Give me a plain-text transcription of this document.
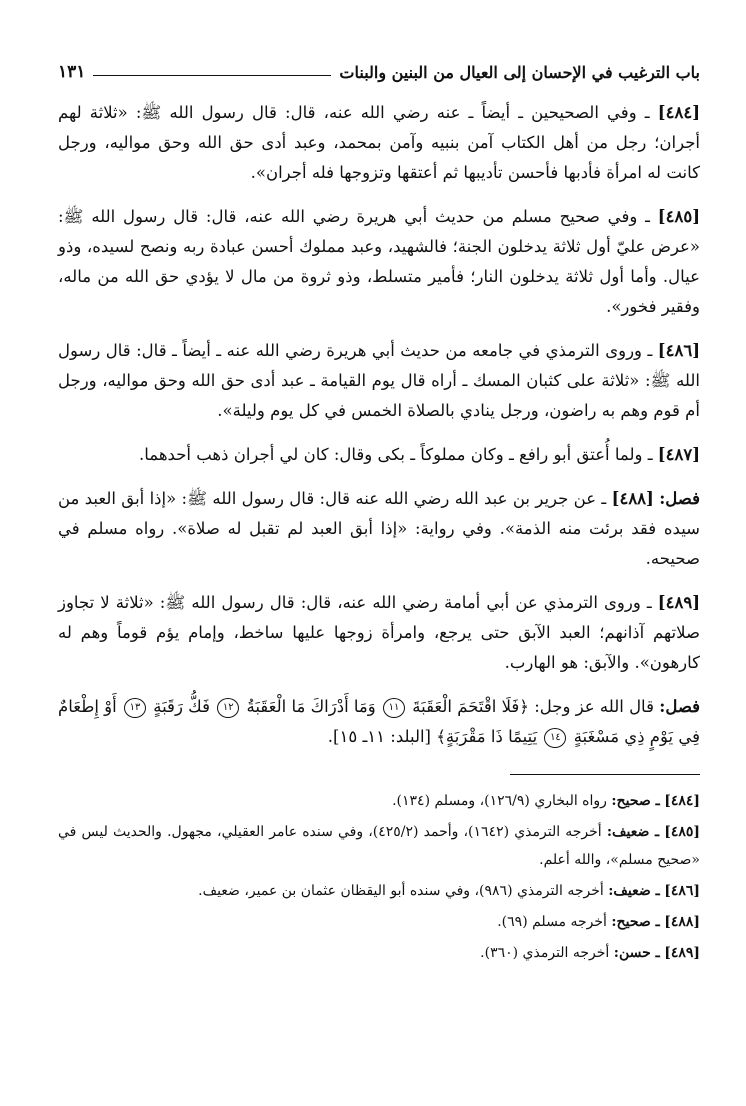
باب الترغيب في الإحسان إلى العيال من البنين والبنات
١٣١

[٤٨٤] ـ وفي الصحيحين ـ أيضاً ـ عنه رضي الله عنه، قال: قال رسول الله ﷺ: «ثلاثة لهم أجران؛ رجل من أهل الكتاب آمن بنبيه وآمن بمحمد، وعبد أدى حق الله وحق مواليه، ورجل كانت له امرأة فأدبها فأحسن تأديبها ثم أعتقها وتزوجها فله أجران».

[٤٨٥] ـ وفي صحيح مسلم من حديث أبي هريرة رضي الله عنه، قال: قال رسول الله ﷺ: «عرض عليّ أول ثلاثة يدخلون الجنة؛ فالشهيد، وعبد مملوك أحسن عبادة ربه ونصح لسيده، وذو عيال. وأما أول ثلاثة يدخلون النار؛ فأمير متسلط، وذو ثروة من مال لا يؤدي حق الله من ماله، وفقير فخور».

[٤٨٦] ـ وروى الترمذي في جامعه من حديث أبي هريرة رضي الله عنه ـ أيضاً ـ قال: قال رسول الله ﷺ: «ثلاثة على كثبان المسك ـ أراه قال يوم القيامة ـ عبد أدى حق الله وحق مواليه، ورجل أم قوم وهم به راضون، ورجل ينادي بالصلاة الخمس في كل يوم وليلة».

[٤٨٧] ـ ولما أُعتق أبو رافع ـ وكان مملوكاً ـ بكى وقال: كان لي أجران ذهب أحدهما.

فصل: [٤٨٨] ـ عن جرير بن عبد الله رضي الله عنه قال: قال رسول الله ﷺ: «إذا أبق العبد من سيده فقد برئت منه الذمة». وفي رواية: «إذا أبق العبد لم تقبل له صلاة». رواه مسلم في صحيحه.

[٤٨٩] ـ وروى الترمذي عن أبي أمامة رضي الله عنه، قال: قال رسول الله ﷺ: «ثلاثة لا تجاوز صلاتهم آذانهم؛ العبد الآبق حتى يرجع، وامرأة زوجها عليها ساخط، وإمام يؤم قوماً وهم له كارهون». والآبق: هو الهارب.

فصل: قال الله عز وجل: ﴿فَلَا اقْتَحَمَ الْعَقَبَةَ ١١ وَمَا أَدْرَاكَ مَا الْعَقَبَةُ ١٢ فَكُّ رَقَبَةٍ ١٣ أَوْ إِطْعَامٌ فِي يَوْمٍ ذِي مَسْغَبَةٍ ١٤ يَتِيمًا ذَا مَقْرَبَةٍ﴾ [البلد: ١١ـ ١٥].

[٤٨٤] ـ صحيح: رواه البخاري (١٢٦/٩)، ومسلم (١٣٤).

[٤٨٥] ـ ضعيف: أخرجه الترمذي (١٦٤٢)، وأحمد (٤٢٥/٢)، وفي سنده عامر العقيلي، مجهول. والحديث ليس في «صحيح مسلم»، والله أعلم.

[٤٨٦] ـ ضعيف: أخرجه الترمذي (٩٨٦)، وفي سنده أبو اليقظان عثمان بن عمير، ضعيف.

[٤٨٨] ـ صحيح: أخرجه مسلم (٦٩).

[٤٨٩] ـ حسن: أخرجه الترمذي (٣٦٠).
